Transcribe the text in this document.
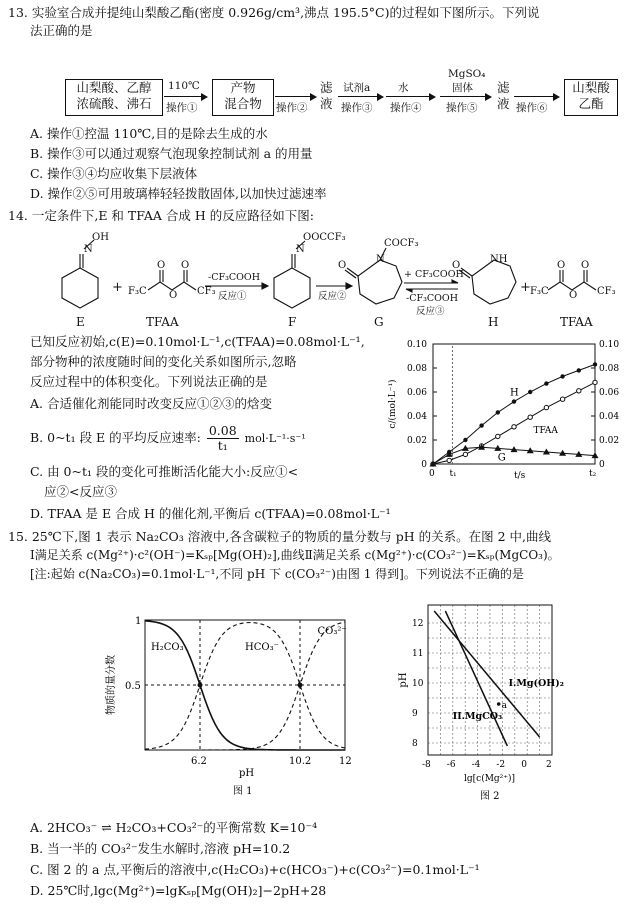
13. 实验室合成并提纯山梨酸乙酯(密度 0.926g/cm³,沸点 195.5°C)的过程如下图所示。下列说
法正确的是
山梨酸、乙醇
浓硫酸、沸石
110℃
操作①
产物
混合物	操作②
滤
液
试剂a
操作③
水
操作④
MgSO₄
固体
操作⑤
滤
液 操作⑥
山梨酸
乙酯
A. 操作①控温 110℃,目的是除去生成的水
B. 操作③可以通过观察气泡现象控制试剂 a 的用量
C. 操作③④均应收集下层液体
D. 操作②⑤可用玻璃棒轻轻拨散固体,以加快过滤速率
14. 一定条件下,E 和 TFAA 合成 H 的反应路径如下图:
N
OH
+ F₃C
O
O
O
CF₃
-CF₃COOH
反应①
N
OOCCF₃
反应②
O
N
COCF₃
+ CF₃COOH
-CF₃COOH
反应③
O
NH
+ F₃C
O
O
O
CF₃
E	TFAA	F	G	H	TFAA
已知反应初始,c(E)=0.10mol·L⁻¹,c(TFAA)=0.08mol·L⁻¹,
部分物种的浓度随时间的变化关系如图所示,忽略
反应过程中的体积变化。下列说法正确的是
A. 合适催化剂能同时改变反应①②③的焓变
B. 0~t₁ 段 E 的平均反应速率: $\frac{0.08}{\text{t₁}} mol\cdot L^{-1}\cdot s^{-1}$
C. 由 0~t₁ 段的变化可推断活化能大小:反应①<
应②<反应③
D. TFAA 是 E 合成 H 的催化剂,平衡后 c(TFAA)=0.08mol·L⁻¹
0.10
0.08
0.06
0.04
0.02
0
0.10
0.08
0.06
0.04
0.02
0
c/(mol·L⁻¹)
0 t₁	t₂
t/s
H
TFAA
G
15. 25℃下,图 1 表示 Na₂CO₃ 溶液中,各含碳粒子的物质的量分数与 pH 的关系。在图 2 中,曲线
Ⅰ满足关系 c(Mg²⁺)·c²(OH⁻)=Kₛₚ[Mg(OH)₂],曲线Ⅱ满足关系 c(Mg²⁺)·c(CO₃²⁻)=Kₛₚ(MgCO₃)。
[注:起始 c(Na₂CO₃)=0.1mol·L⁻¹,不同 pH 下 c(CO₃²⁻)由图 1 得到]。下列说法不正确的是
1
0.5
6.2	10.2	12
pH
物质的量分数
H₂CO₃	HCO₃⁻
CO₃²⁻
图 1
a
I.Mg(OH)₂
II.MgCO₃
12
11
10
9
8
-8 -6 -4 -2 0 2
pH
lg[c(Mg²⁺)]
图 2
A. 2HCO₃⁻ ⇌ H₂CO₃+CO₃²⁻的平衡常数 K=10⁻⁴
B. 当一半的 CO₃²⁻发生水解时,溶液 pH=10.2
C. 图 2 的 a 点,平衡后的溶液中,c(H₂CO₃)+c(HCO₃⁻)+c(CO₃²⁻)=0.1mol·L⁻¹
D. 25℃时,lgc(Mg²⁺)=lgKₛₚ[Mg(OH)₂]−2pH+28
